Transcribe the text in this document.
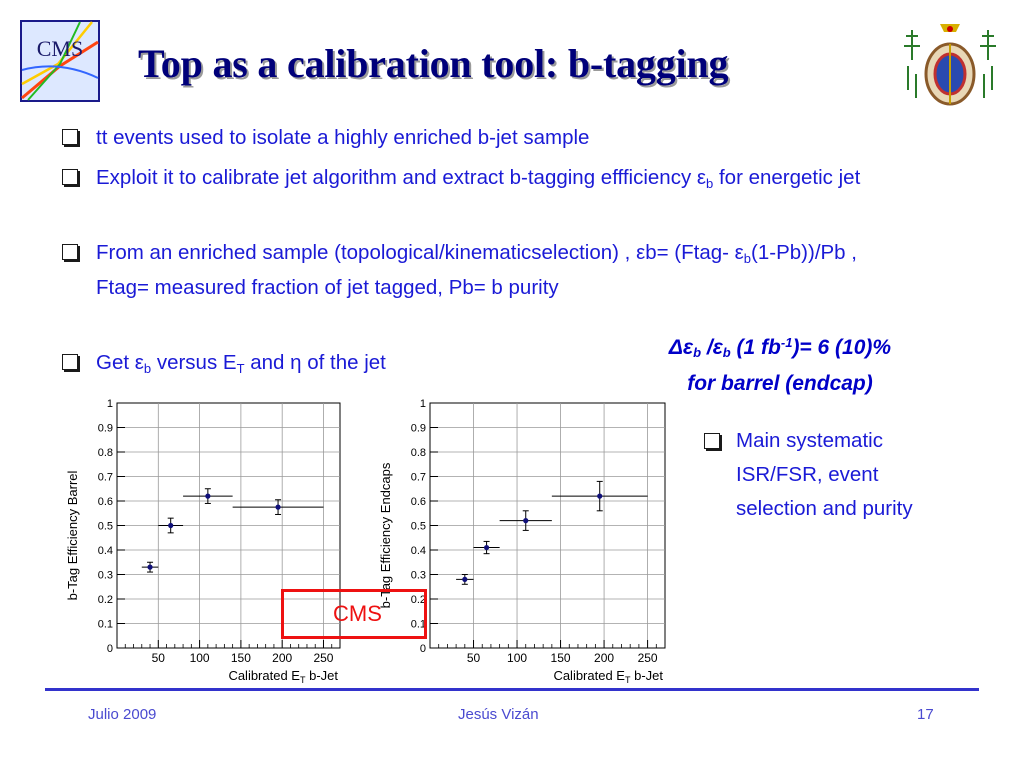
CMS Top as a calibration tool: b-tagging
tt events used to isolate a highly enriched b-jet sample
Exploit it to calibrate jet algorithm and extract b-tagging effficiency $\varepsilon_b$ for energetic jet
From an enriched sample (topological/kinematicselection) , εb= (Ftag- $\varepsilon_b(1-Pb))/Pb$ , Ftag= measured fraction of jet tagged, Pb= b purity
Get $\varepsilon_b$ versus $E_T$ and η of the jet
$\Delta\varepsilon_b$ $/\varepsilon_b$ (1 $fb^{-1})= 6$ (10)%
for barrel (endcap)
Main systematic ISR/FSR, event selection and purity
50 100 150 200 250
0
0.1
0.2
0.3
0.4
0.5
0.6
0.7
0.8
0.9
1
b-Tag Efficiency Barrel
Calibrated $E_T$ b-Jet
50 100 150 200 250
0
0.1
0.2
0.3
0.4
0.5
0.6
0.7
0.8
0.9
1
b-Tag Efficiency Endcaps
Calibrated $E_T$ b-Jet
CMS
Julio 2009	Jesús Vizán	17
